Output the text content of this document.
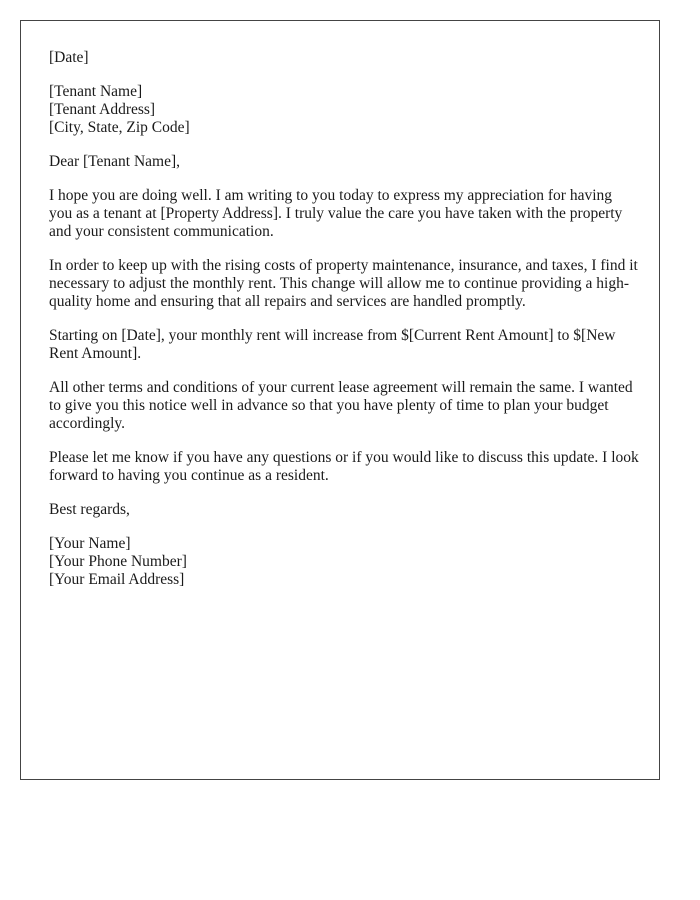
[Date]
[Tenant Name]
[Tenant Address]
[City, State, Zip Code]
Dear [Tenant Name],

I hope you are doing well. I am writing to you today to express my appreciation for having you as a tenant at [Property Address]. I truly value the care you have taken with the property and your consistent communication.

In order to keep up with the rising costs of property maintenance, insurance, and taxes, I find it necessary to adjust the monthly rent. This change will allow me to continue providing a high-quality home and ensuring that all repairs and services are handled promptly.

Starting on [Date], your monthly rent will increase from $[Current Rent Amount] to $[New Rent Amount].

All other terms and conditions of your current lease agreement will remain the same. I wanted to give you this notice well in advance so that you have plenty of time to plan your budget accordingly.

Please let me know if you have any questions or if you would like to discuss this update. I look forward to having you continue as a resident.

Best regards,
[Your Name]
[Your Phone Number]
[Your Email Address]
